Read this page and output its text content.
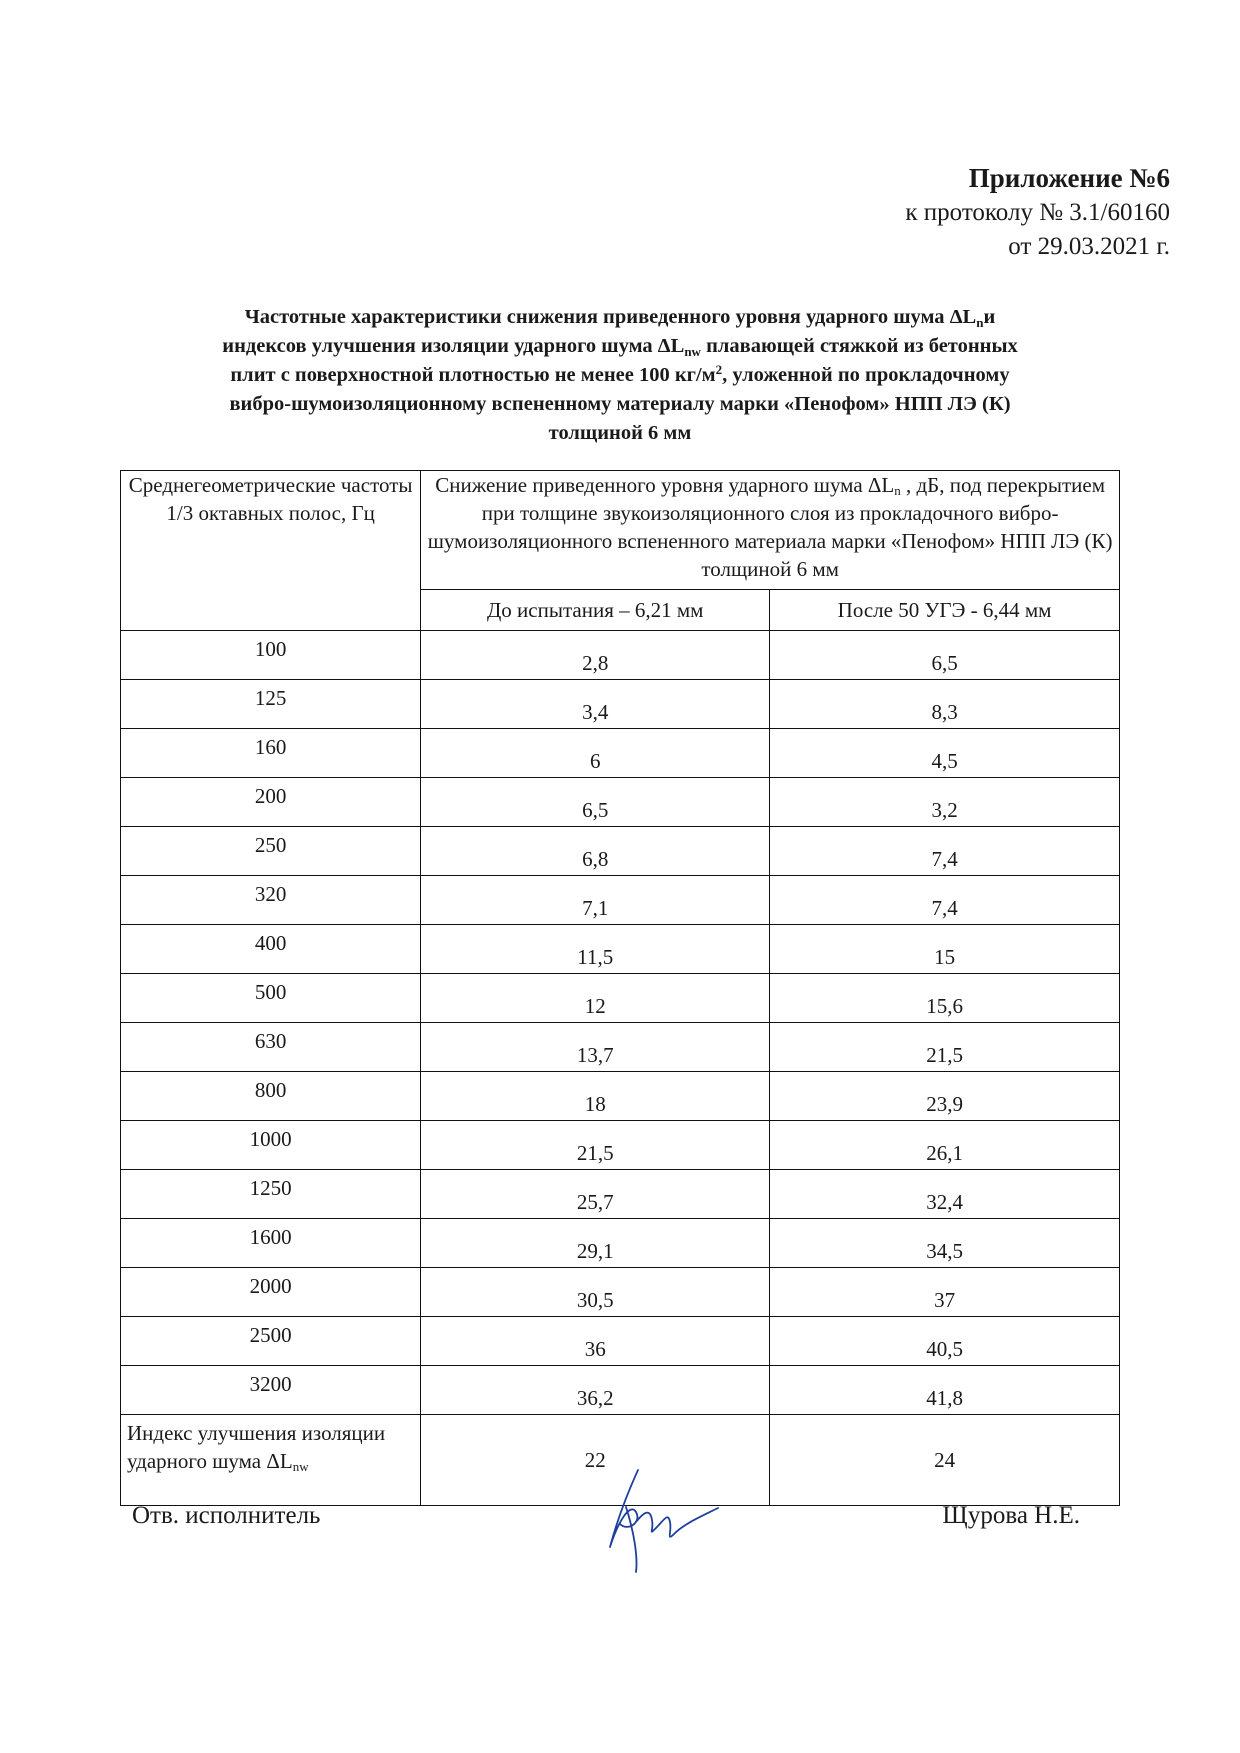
Приложение №6
к протоколу № 3.1/60160
от 29.03.2021 г.
Частотные характеристики снижения приведенного уровня ударного шума $\Delta L_nи$
индексов улучшения изоляции ударного шума $\Delta L_{nw}$ плавающей стяжкой из бетонных
плит с поверхностной плотностью не менее 100 $кг/м^2$, уложенной по прокладочному
вибро-шумоизоляционному вспененному материалу марки «Пенофом» НПП ЛЭ (К)
толщиной 6 мм
Среднегеометрические частоты 1/3 октавных полос, Гц	Снижение приведенного уровня ударного шума $\Delta L_n$ , дБ, под перекрытием при толщине звукоизоляционного слоя из прокладочного вибро-шумоизоляционного вспененного материала марки «Пенофом» НПП ЛЭ (К) толщиной 6 мм	
	До испытания – 6,21 мм	После 50 УГЭ - 6,44 мм
100	2,8	6,5
125	3,4	8,3
160	6	4,5
200	6,5	3,2
250	6,8	7,4
320	7,1	7,4
400	11,5	15
500	12	15,6
630	13,7	21,5
800	18	23,9
1000	21,5	26,1
1250	25,7	32,4
1600	29,1	34,5
2000	30,5	37
2500	36	40,5
3200	36,2	41,8
Индекс улучшения изоляции ударного шума $\Delta L_{nw}$	22	24
Отв. исполнитель	Щурова Н.Е.
